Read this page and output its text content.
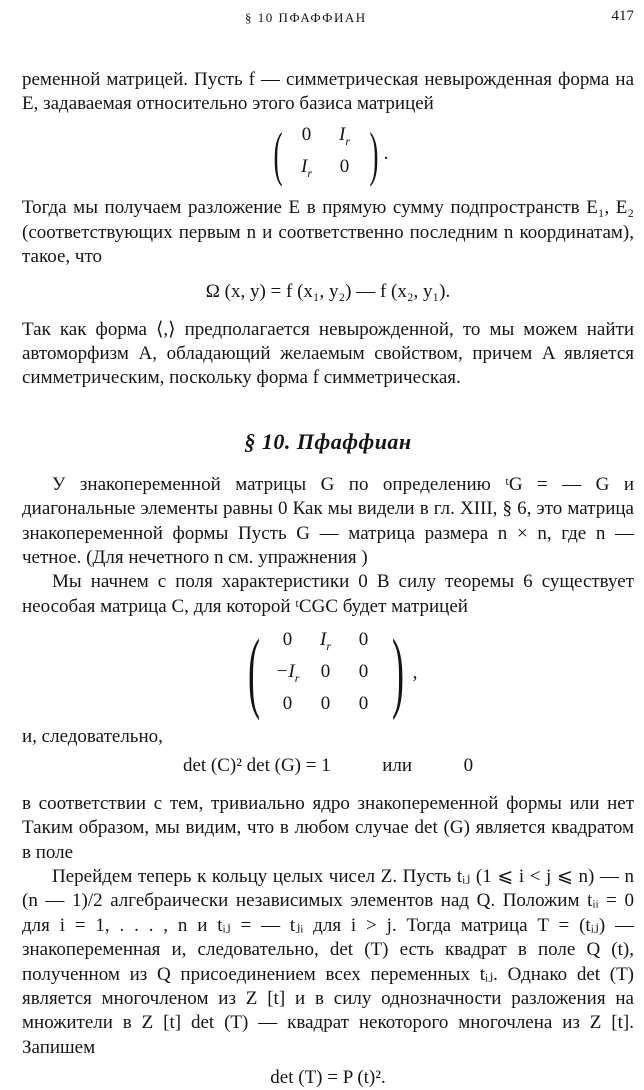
§ 10 ПФАФФИАН	417

ременной матрицей. Пусть f — симметрическая невырожденная форма на E, задаваемая относительно этого базиса матрицей

(	0	$I_r$
$I_r$	0 ) .

Тогда мы получаем разложение E в прямую сумму подпространств E₁, E₂ (соответствующих первым n и соответственно последним n координатам), такое, что

Ω (x, y) = f (x₁, y₂) — f (x₂, y₁).

Так как форма ⟨,⟩ предполагается невырожденной, то мы можем найти автоморфизм A, обладающий желаемым свойством, причем A является симметрическим, поскольку форма f симметрическая.

§ 10. Пфаффиан

У знакопеременной матрицы G по определению ᵗG = — G и диагональные элементы равны 0 Как мы видели в гл. XIII, § 6, это матрица знакопеременной формы Пусть G — матрица размера n × n, где n — четное. (Для нечетного n см. упражнения )

Мы начнем с поля характеристики 0 В силу теоремы 6 существует неособая матрица C, для которой ᵗCGC будет матрицей

(	0	$I_r$	0
$-I_r$	0	0
0	0	0 ) ,

и, следовательно,

det (C)² det (G) = 1	или	0

в соответствии с тем, тривиально ядро знакопеременной формы или нет Таким образом, мы видим, что в любом случае det (G) является квадратом в поле

Перейдем теперь к кольцу целых чисел Z. Пусть tᵢⱼ (1 ⩽ i < j ⩽ n) — n (n — 1)/2 алгебраически независимых элементов над Q. Положим tᵢᵢ = 0 для i = 1, . . . , n и tᵢⱼ = — tⱼᵢ для i > j. Тогда матрица T = (tᵢⱼ) — знакопеременная и, следовательно, det (T) есть квадрат в поле Q (t), полученном из Q присоединением всех переменных tᵢⱼ. Однако det (T) является многочленом из Z [t] и в силу однозначности разложения на множители в Z [t] det (T) — квадрат некоторого многочлена из Z [t]. Запишем

det (T) = P (t)².
